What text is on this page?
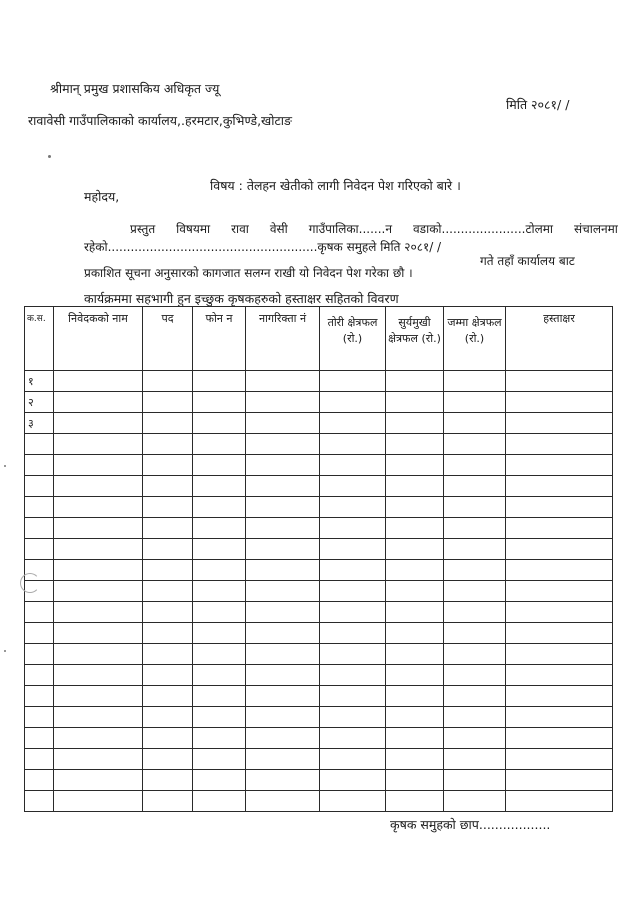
श्रीमान् प्रमुख प्रशासकिय अधिकृत ज्यू
रावावेसी गाउँपालिकाको कार्यालय,.हरमटार,कुभिण्डे,खोटाङ
मिति २०८१/ /
विषय : तेलहन खेतीको लागी निवेदन पेश गरिएको बारे ।
महोदय,
प्रस्तुत विषयमा रावा वेसी गाउँपालिका.......न वडाको......................टोलमा संचालनमा
रहेको.......................................................कृषक समुहले मिति २०८१/ /
गते तहाँ कार्यालय बाट
प्रकाशित सूचना अनुसारको कागजात सलग्न राखी यो निवेदन पेश गरेका छौ ।
कार्यक्रममा सहभागी हुन इच्छुक कृषकहरुको हस्ताक्षर सहितको विवरण
क.स.	निवेदकको नाम	पद	फोन न	नागरिक्ता नं	तोरी क्षेत्रफल (रो.)	सुर्यमुखी क्षेत्रफल (रो.)	जम्मा क्षेत्रफल (रो.)	हस्ताक्षर
१								
२								
३								

कृषक समुहको छाप..................
